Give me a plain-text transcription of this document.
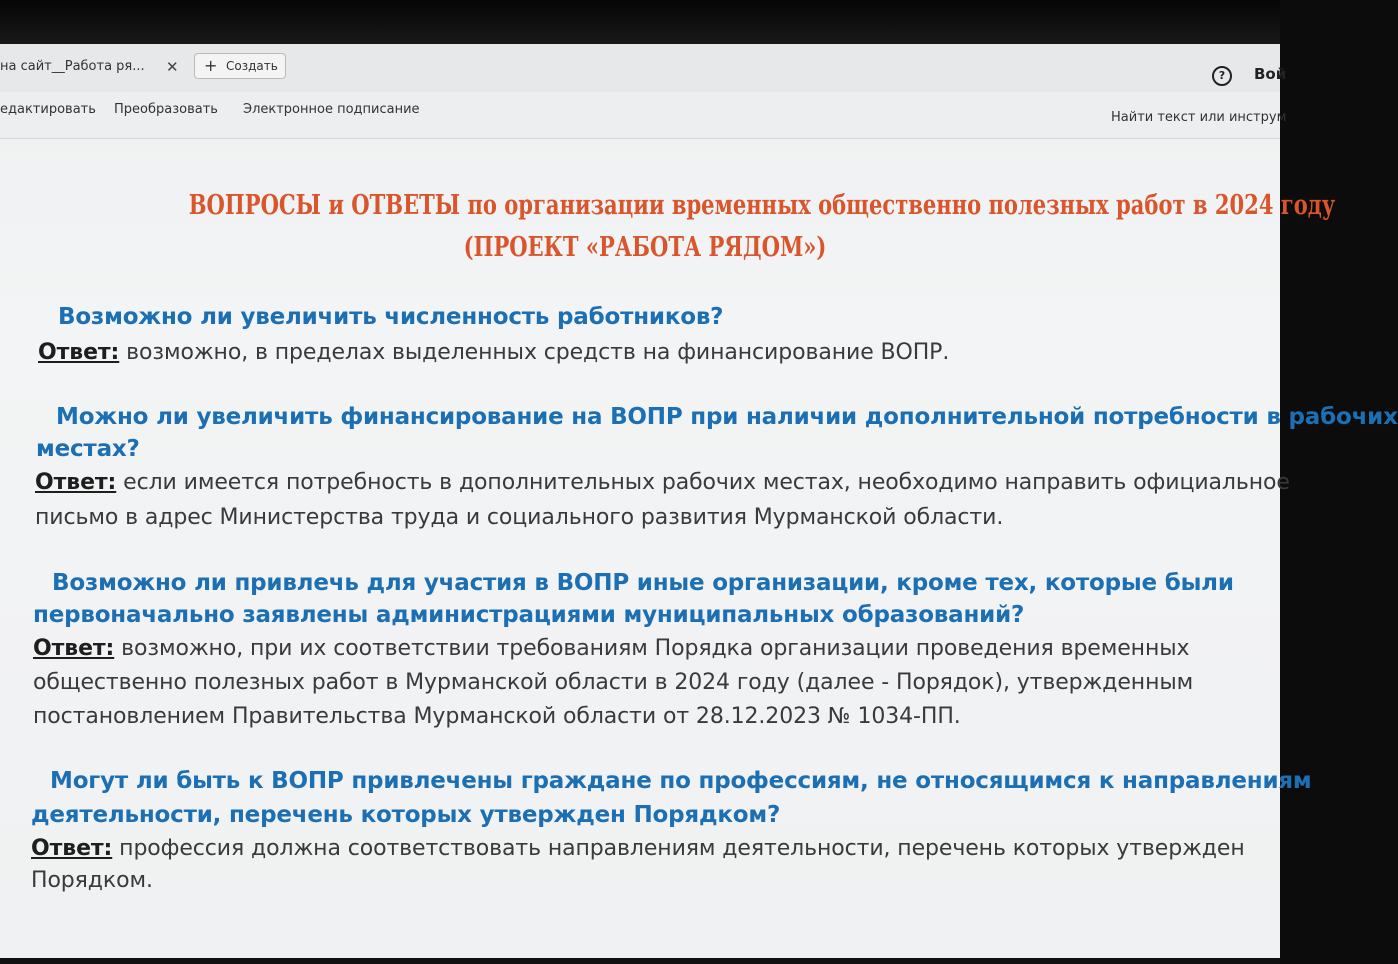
на сайт__Работа ря... ✕ + Создать
?	Вой
едактировать Преобразовать Электронное подписание
Найти текст или инструм
ВОПРОСЫ и ОТВЕТЫ по организации временных общественно полезных работ в 2024 году
(ПРОЕКТ «РАБОТА РЯДОМ»)
Возможно ли увеличить численность работников?
Ответ: возможно, в пределах выделенных средств на финансирование ВОПР.
Можно ли увеличить финансирование на ВОПР при наличии дополнительной потребности в рабочих
местах?
Ответ: если имеется потребность в дополнительных рабочих местах, необходимо направить официальное
письмо в адрес Министерства труда и социального развития Мурманской области.
Возможно ли привлечь для участия в ВОПР иные организации, кроме тех, которые были
первоначально заявлены администрациями муниципальных образований?
Ответ: возможно, при их соответствии требованиям Порядка организации проведения временных
общественно полезных работ в Мурманской области в 2024 году (далее - Порядок), утвержденным
постановлением Правительства Мурманской области от 28.12.2023 № 1034-ПП.
Могут ли быть к ВОПР привлечены граждане по профессиям, не относящимся к направлениям
деятельности, перечень которых утвержден Порядком?
Ответ: профессия должна соответствовать направлениям деятельности, перечень которых утвержден
Порядком.
